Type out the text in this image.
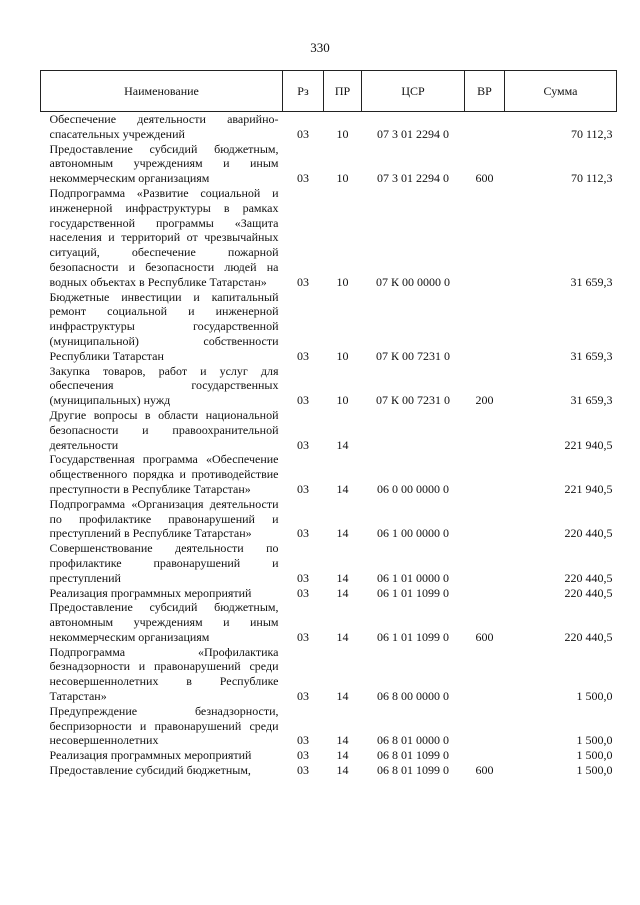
330
Наименование	Рз	ПР	ЦСР	ВР	Сумма
Обеспечение деятельности аварийно-спасательных учреждений	03	10	07 3 01 2294 0		70 112,3
Предоставление субсидий бюджетным, автономным учреждениям и иным некоммерческим организациям	03	10	07 3 01 2294 0	600	70 112,3
Подпрограмма «Развитие социальной и инженерной инфраструктуры в рамках государственной программы «Защита населения и территорий от чрезвычайных ситуаций, обеспечение пожарной безопасности и безопасности людей на водных объектах в Республике Татарстан»	03	10	07 К 00 0000 0		31 659,3
Бюджетные инвестиции и капитальный ремонт социальной и инженерной инфраструктуры государственной (муниципальной) собственности Республики Татарстан	03	10	07 К 00 7231 0		31 659,3
Закупка товаров, работ и услуг для обеспечения государственных (муниципальных) нужд	03	10	07 К 00 7231 0	200	31 659,3
Другие вопросы в области национальной безопасности и правоохранительной деятельности	03	14			221 940,5
Государственная программа «Обеспечение общественного порядка и противодействие преступности в Республике Татарстан»	03	14	06 0 00 0000 0		221 940,5
Подпрограмма «Организация деятельности по профилактике правонарушений и преступлений в Республике Татарстан»	03	14	06 1 00 0000 0		220 440,5
Совершенствование деятельности по профилактике правонарушений и преступлений	03	14	06 1 01 0000 0		220 440,5
Реализация программных мероприятий	03	14	06 1 01 1099 0		220 440,5
Предоставление субсидий бюджетным, автономным учреждениям и иным некоммерческим организациям	03	14	06 1 01 1099 0	600	220 440,5
Подпрограмма «Профилактика безнадзорности и правонарушений среди несовершеннолетних в Республике Татарстан»	03	14	06 8 00 0000 0		1 500,0
Предупреждение безнадзорности, беспризорности и правонарушений среди несовершеннолетних	03	14	06 8 01 0000 0		1 500,0
Реализация программных мероприятий	03	14	06 8 01 1099 0		1 500,0
Предоставление субсидий бюджетным,	03	14	06 8 01 1099 0	600	1 500,0
